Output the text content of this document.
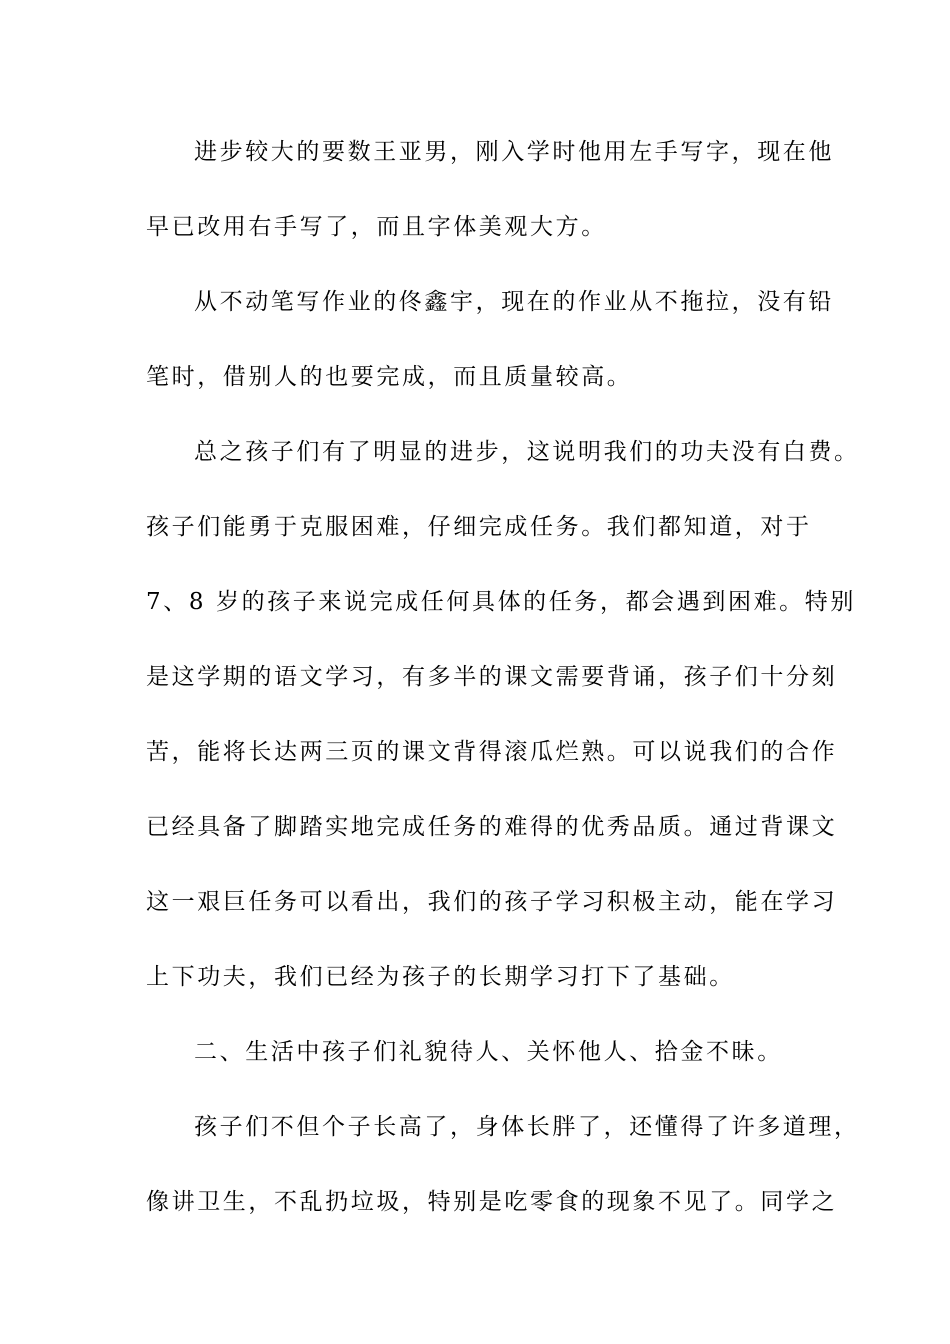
进步较大的要数王亚男，刚入学时他用左手写字，现在他
早已改用右手写了，而且字体美观大方。
从不动笔写作业的佟鑫宇，现在的作业从不拖拉，没有铅
笔时，借别人的也要完成，而且质量较高。
总之孩子们有了明显的进步，这说明我们的功夫没有白费。
孩子们能勇于克服困难，仔细完成任务。我们都知道，对于
7、8 岁的孩子来说完成任何具体的任务，都会遇到困难。特别
是这学期的语文学习，有多半的课文需要背诵，孩子们十分刻
苦，能将长达两三页的课文背得滚瓜烂熟。可以说我们的合作
已经具备了脚踏实地完成任务的难得的优秀品质。通过背课文
这一艰巨任务可以看出，我们的孩子学习积极主动，能在学习
上下功夫，我们已经为孩子的长期学习打下了基础。
二、生活中孩子们礼貌待人、关怀他人、拾金不昧。
孩子们不但个子长高了，身体长胖了，还懂得了许多道理，
像讲卫生，不乱扔垃圾，特别是吃零食的现象不见了。同学之
